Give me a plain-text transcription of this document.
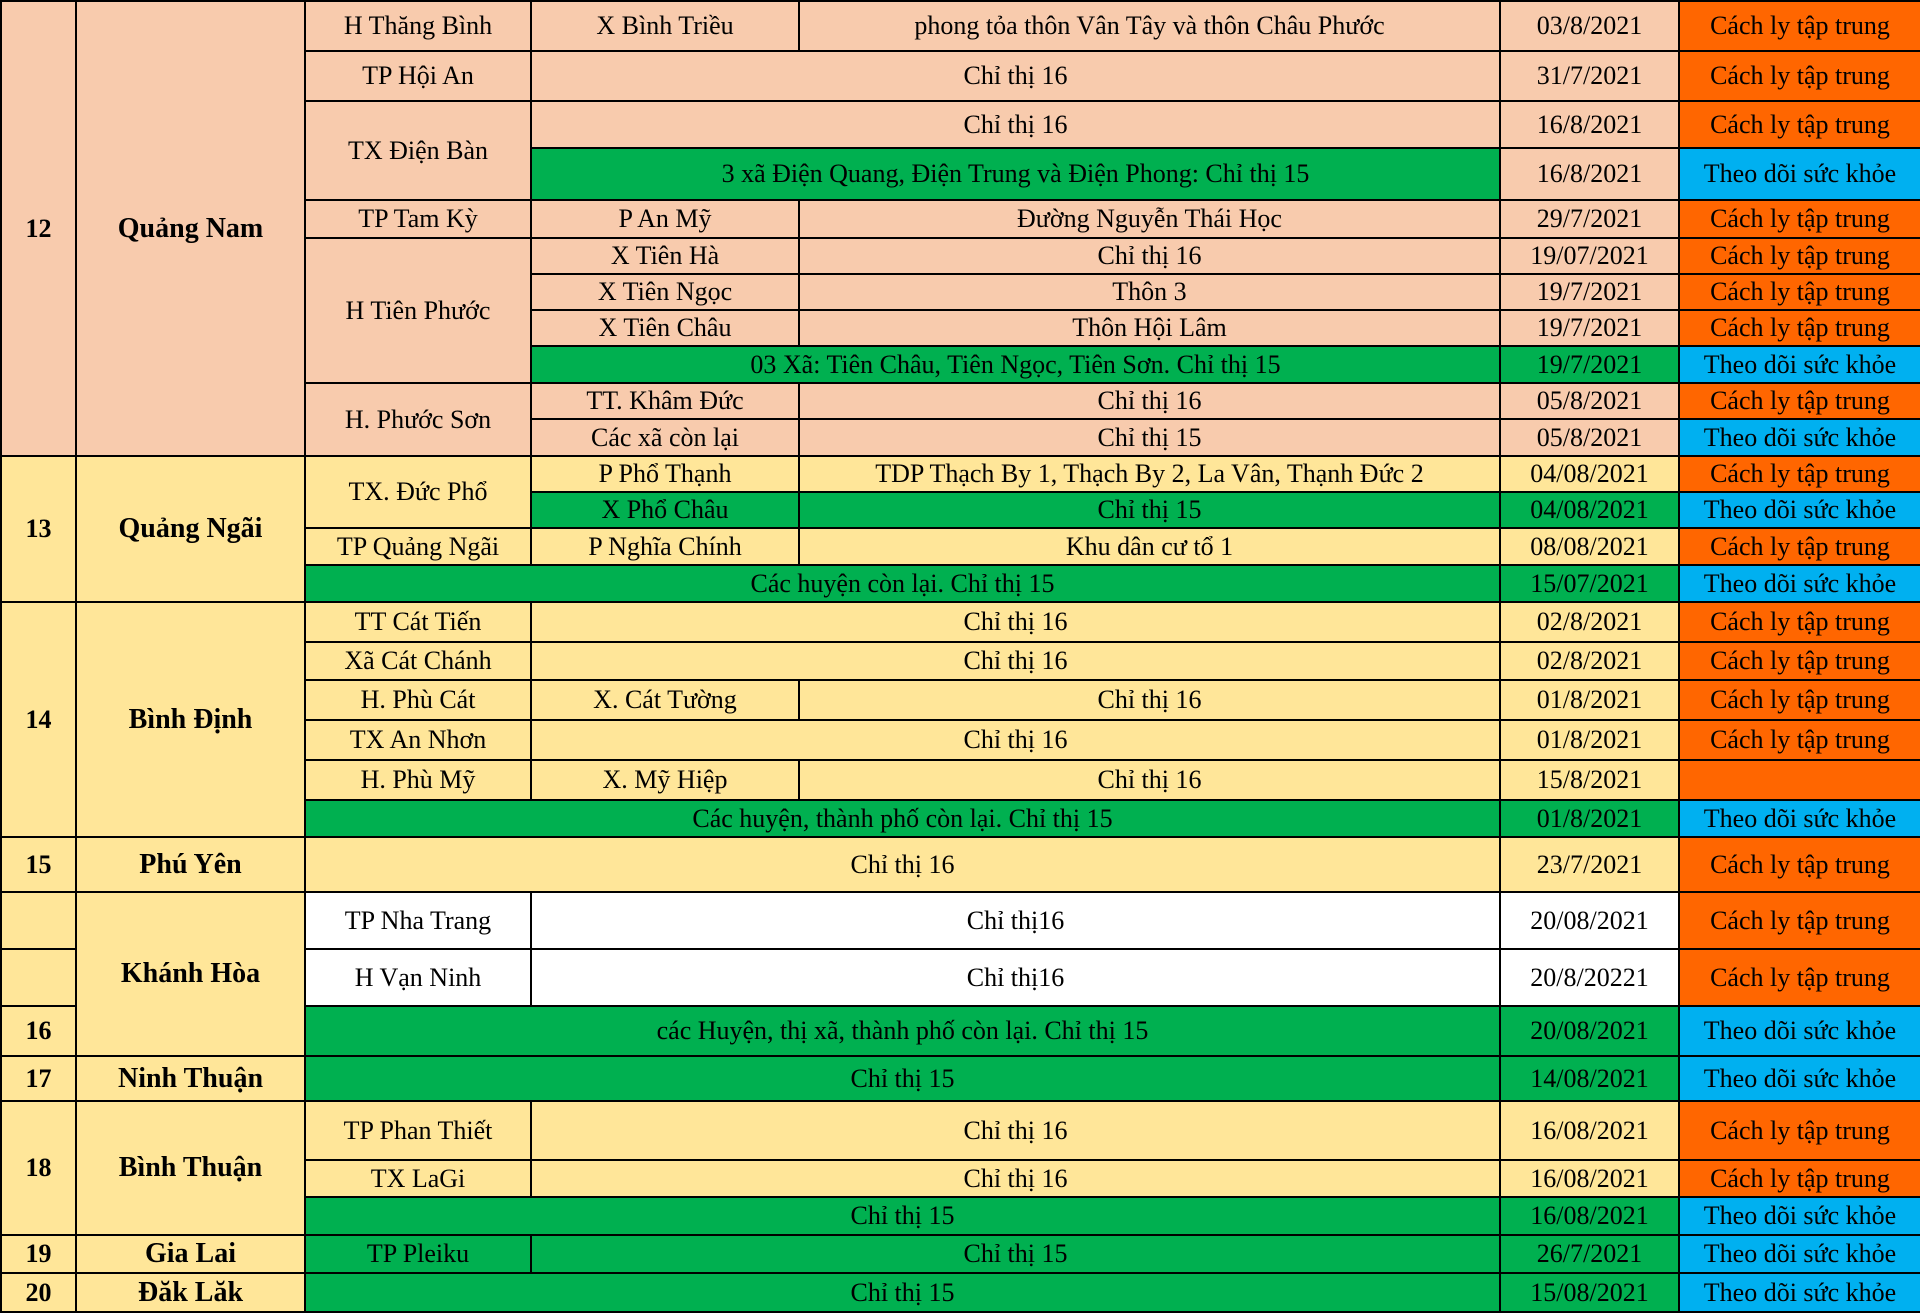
12	Quảng Nam	H Thăng Bình	X Bình Triều	phong tỏa thôn Vân Tây và thôn Châu Phước	03/8/2021	Cách ly tập trung
		TP Hội An	Chỉ thị 16		31/7/2021	Cách ly tập trung
		TX Điện Bàn	Chỉ thị 16		16/8/2021	Cách ly tập trung
			3 xã Điện Quang, Điện Trung và Điện Phong: Chỉ thị 15		16/8/2021	Theo dõi sức khỏe
		TP Tam Kỳ	P An Mỹ	Đường Nguyễn Thái Học	29/7/2021	Cách ly tập trung
		H Tiên Phước	X Tiên Hà	Chỉ thị 16	19/07/2021	Cách ly tập trung
			X Tiên Ngọc	Thôn 3	19/7/2021	Cách ly tập trung
			X Tiên Châu	Thôn Hội Lâm	19/7/2021	Cách ly tập trung
			03 Xã: Tiên Châu, Tiên Ngọc, Tiên Sơn. Chỉ thị 15		19/7/2021	Theo dõi sức khỏe
		H. Phước Sơn	TT. Khâm Đức	Chỉ thị 16	05/8/2021	Cách ly tập trung
			Các xã còn lại	Chỉ thị 15	05/8/2021	Theo dõi sức khỏe
13	Quảng Ngãi	TX. Đức Phổ	P Phổ Thạnh	TDP Thạch By 1, Thạch By 2, La Vân, Thạnh Đức 2	04/08/2021	Cách ly tập trung
			X Phổ Châu	Chỉ thị 15	04/08/2021	Theo dõi sức khỏe
		TP Quảng Ngãi	P Nghĩa Chính	Khu dân cư tổ 1	08/08/2021	Cách ly tập trung
		Các huyện còn lại. Chỉ thị 15			15/07/2021	Theo dõi sức khỏe
14	Bình Định	TT Cát Tiến	Chỉ thị 16		02/8/2021	Cách ly tập trung
		Xã Cát Chánh	Chỉ thị 16		02/8/2021	Cách ly tập trung
		H. Phù Cát	X. Cát Tường	Chỉ thị 16	01/8/2021	Cách ly tập trung
		TX An Nhơn	Chỉ thị 16		01/8/2021	Cách ly tập trung
		H. Phù Mỹ	X. Mỹ Hiệp	Chỉ thị 16	15/8/2021	
		Các huyện, thành phố còn lại. Chỉ thị 15			01/8/2021	Theo dõi sức khỏe
15	Phú Yên	Chỉ thị 16			23/7/2021	Cách ly tập trung
	Khánh Hòa	TP Nha Trang	Chỉ thị16		20/08/2021	Cách ly tập trung
		H Vạn Ninh	Chỉ thị16		20/8/20221	Cách ly tập trung
16		các Huyện, thị xã, thành phố còn lại. Chỉ thị 15			20/08/2021	Theo dõi sức khỏe
17	Ninh Thuận	Chỉ thị 15			14/08/2021	Theo dõi sức khỏe
18	Bình Thuận	TP Phan Thiết	Chỉ thị 16		16/08/2021	Cách ly tập trung
		TX LaGi	Chỉ thị 16		16/08/2021	Cách ly tập trung
		Chỉ thị 15			16/08/2021	Theo dõi sức khỏe
19	Gia Lai	TP Pleiku	Chỉ thị 15		26/7/2021	Theo dõi sức khỏe
20	Đăk Lăk	Chỉ thị 15			15/08/2021	Theo dõi sức khỏe
